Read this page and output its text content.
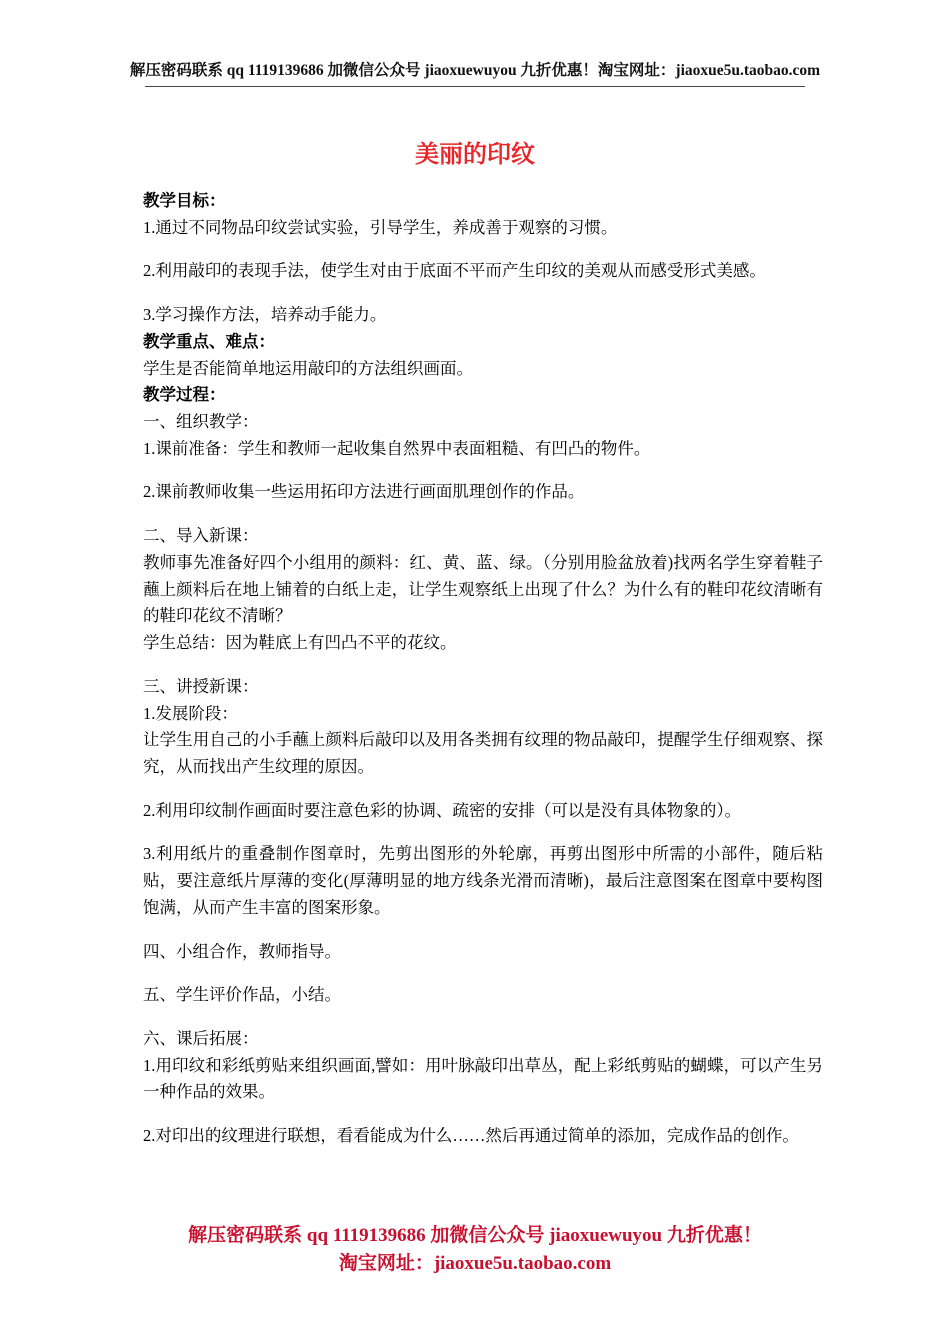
解压密码联系 qq 1119139686 加微信公众号 jiaoxuewuyou 九折优惠！淘宝网址：jiaoxue5u.taobao.com
美丽的印纹

教学目标：

1.通过不同物品印纹尝试实验，引导学生，养成善于观察的习惯。

2.利用敲印的表现手法，使学生对由于底面不平而产生印纹的美观从而感受形式美感。

3.学习操作方法，培养动手能力。

教学重点、难点：

学生是否能简单地运用敲印的方法组织画面。

教学过程：

一、组织教学：

1.课前准备：学生和教师一起收集自然界中表面粗糙、有凹凸的物件。

2.课前教师收集一些运用拓印方法进行画面肌理创作的作品。

二、导入新课：

教师事先准备好四个小组用的颜料：红、黄、蓝、绿。（分别用脸盆放着)找两名学生穿着鞋子蘸上颜料后在地上铺着的白纸上走，让学生观察纸上出现了什么？为什么有的鞋印花纹清晰有的鞋印花纹不清晰？

学生总结：因为鞋底上有凹凸不平的花纹。

三、讲授新课：

1.发展阶段：

让学生用自己的小手蘸上颜料后敲印以及用各类拥有纹理的物品敲印，提醒学生仔细观察、探究，从而找出产生纹理的原因。

2.利用印纹制作画面时要注意色彩的协调、疏密的安排（可以是没有具体物象的）。

3.利用纸片的重叠制作图章时，先剪出图形的外轮廓，再剪出图形中所需的小部件，随后粘贴，要注意纸片厚薄的变化(厚薄明显的地方线条光滑而清晰)，最后注意图案在图章中要构图饱满，从而产生丰富的图案形象。

四、小组合作，教师指导。

五、学生评价作品，小结。

六、课后拓展：

1.用印纹和彩纸剪贴来组织画面,譬如：用叶脉敲印出草丛，配上彩纸剪贴的蝴蝶，可以产生另一种作品的效果。

2.对印出的纹理进行联想，看看能成为什么……然后再通过简单的添加，完成作品的创作。

解压密码联系 qq 1119139686 加微信公众号 jiaoxuewuyou 九折优惠！
淘宝网址：jiaoxue5u.taobao.com
